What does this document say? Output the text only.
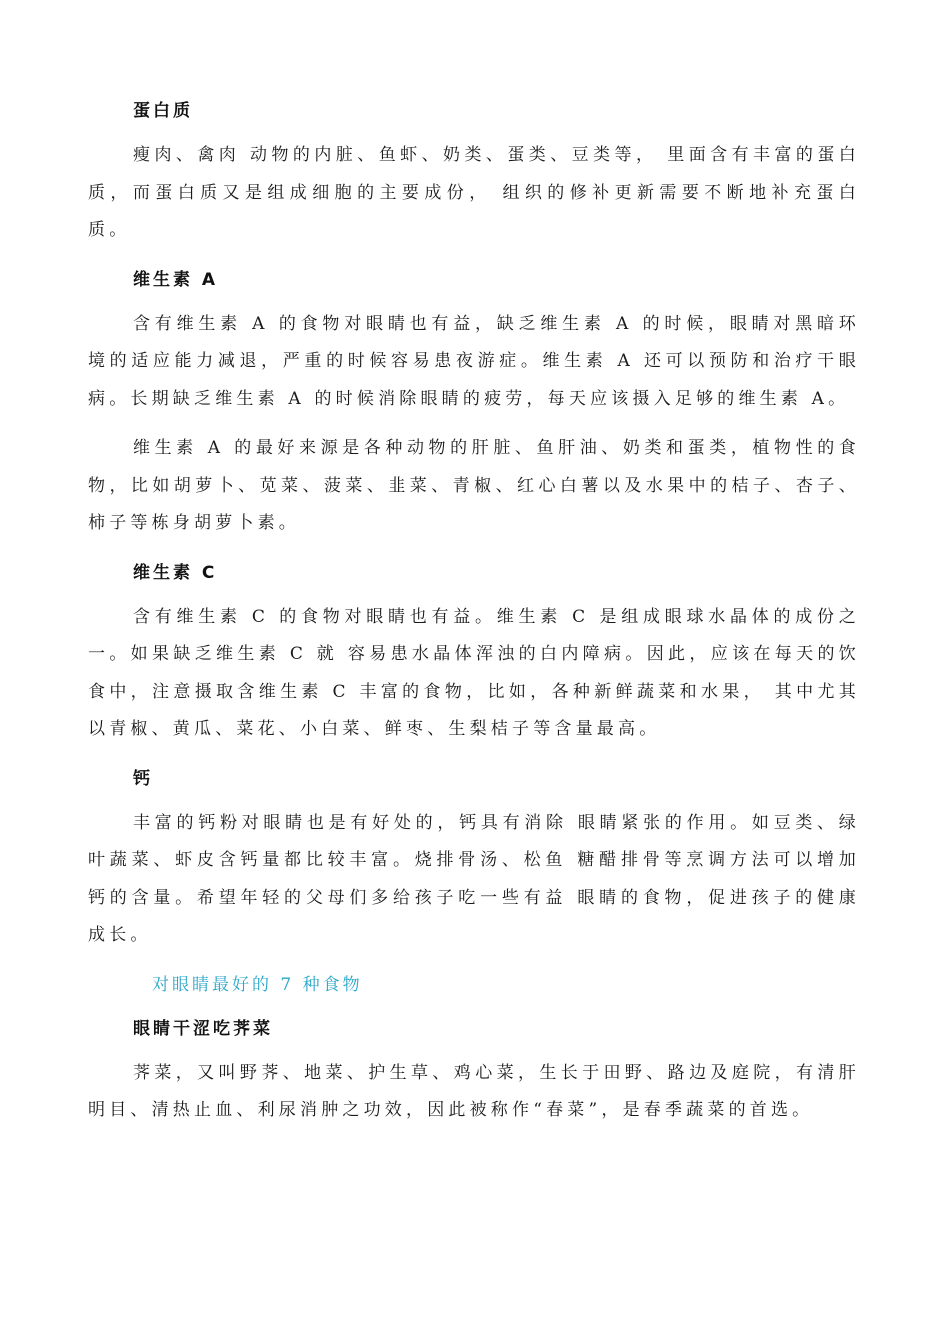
蛋白质

瘦肉、禽肉 动物的内脏、鱼虾、奶类、蛋类、豆类等， 里面含有丰富的蛋白质，而蛋白质又是组成细胞的主要成份， 组织的修补更新需要不断地补充蛋白质。

维生素 A

含有维生素 A 的食物对眼睛也有益，缺乏维生素 A 的时候，眼睛对黑暗环境的适应能力减退，严重的时候容易患夜游症。维生素 A 还可以预防和治疗干眼病。长期缺乏维生素 A 的时候消除眼睛的疲劳，每天应该摄入足够的维生素 A。

维生素 A 的最好来源是各种动物的肝脏、鱼肝油、奶类和蛋类，植物性的食物，比如胡萝卜、苋菜、菠菜、韭菜、青椒、红心白薯以及水果中的桔子、杏子、柿子等栋身胡萝卜素。

维生素 C

含有维生素 C 的食物对眼睛也有益。维生素 C 是组成眼球水晶体的成份之一。如果缺乏维生素 C 就 容易患水晶体浑浊的白内障病。因此，应该在每天的饮食中，注意摄取含维生素 C 丰富的食物，比如，各种新鲜蔬菜和水果， 其中尤其以青椒、黄瓜、菜花、小白菜、鲜枣、生梨桔子等含量最高。

钙

丰富的钙粉对眼睛也是有好处的，钙具有消除 眼睛紧张的作用。如豆类、绿叶蔬菜、虾皮含钙量都比较丰富。烧排骨汤、松鱼 糖醋排骨等烹调方法可以增加钙的含量。希望年轻的父母们多给孩子吃一些有益 眼睛的食物，促进孩子的健康成长。

对眼睛最好的 7 种食物
眼睛干涩吃荠菜

荠菜，又叫野荠、地菜、护生草、鸡心菜，生长于田野、路边及庭院，有清肝明目、清热止血、利尿消肿之功效，因此被称作“春菜”，是春季蔬菜的首选。
